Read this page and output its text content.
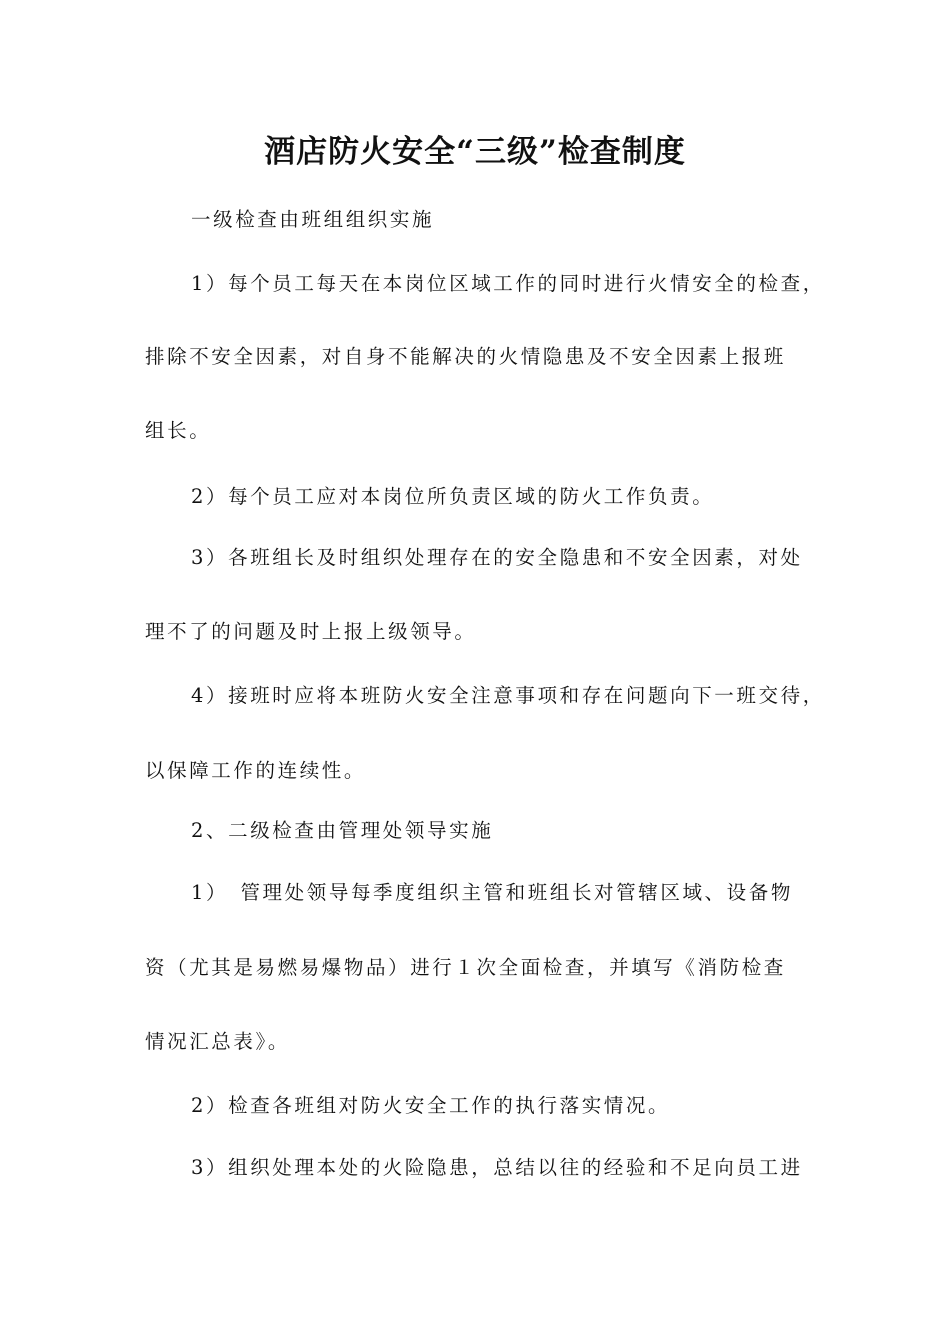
酒店防火安全“三级”检查制度

一级检查由班组组织实施

1）每个员工每天在本岗位区域工作的同时进行火情安全的检查，

排除不安全因素，对自身不能解决的火情隐患及不安全因素上报班

组长。

2）每个员工应对本岗位所负责区域的防火工作负责。

3）各班组长及时组织处理存在的安全隐患和不安全因素，对处

理不了的问题及时上报上级领导。

4）接班时应将本班防火安全注意事项和存在问题向下一班交待，

以保障工作的连续性。

2、二级检查由管理处领导实施

1）　管理处领导每季度组织主管和班组长对管辖区域、设备物

资（尤其是易燃易爆物品）进行１次全面检查，并填写《消防检查

情况汇总表》。

2）检查各班组对防火安全工作的执行落实情况。

3）组织处理本处的火险隐患，总结以往的经验和不足向员工进
